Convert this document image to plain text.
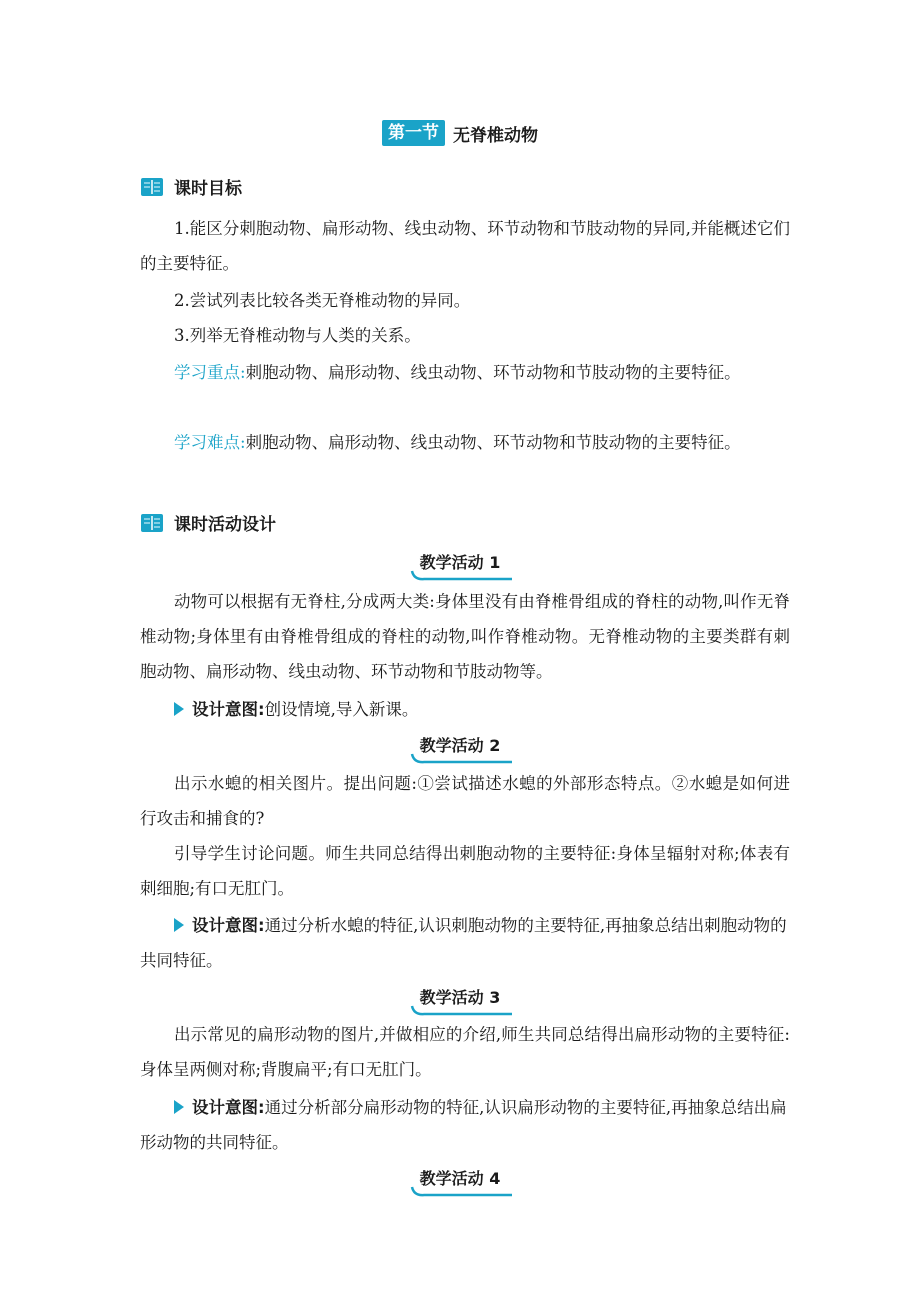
第一节 无脊椎动物
课时目标

1.能区分刺胞动物、扁形动物、线虫动物、环节动物和节肢动物的异同,并能概述它们的主要特征。

2.尝试列表比较各类无脊椎动物的异同。

3.列举无脊椎动物与人类的关系。

学习重点:刺胞动物、扁形动物、线虫动物、环节动物和节肢动物的主要特征。

学习难点:刺胞动物、扁形动物、线虫动物、环节动物和节肢动物的主要特征。

课时活动设计
教学活动 1

动物可以根据有无脊柱,分成两大类:身体里没有由脊椎骨组成的脊柱的动物,叫作无脊椎动物;身体里有由脊椎骨组成的脊柱的动物,叫作脊椎动物。无脊椎动物的主要类群有刺胞动物、扁形动物、线虫动物、环节动物和节肢动物等。

设计意图:创设情境,导入新课。

教学活动 2

出示水螅的相关图片。提出问题:①尝试描述水螅的外部形态特点。②水螅是如何进行攻击和捕食的?

引导学生讨论问题。师生共同总结得出刺胞动物的主要特征:身体呈辐射对称;体表有刺细胞;有口无肛门。

设计意图:通过分析水螅的特征,认识刺胞动物的主要特征,再抽象总结出刺胞动物的共同特征。

教学活动 3

出示常见的扁形动物的图片,并做相应的介绍,师生共同总结得出扁形动物的主要特征:身体呈两侧对称;背腹扁平;有口无肛门。

设计意图:通过分析部分扁形动物的特征,认识扁形动物的主要特征,再抽象总结出扁形动物的共同特征。

教学活动 4
